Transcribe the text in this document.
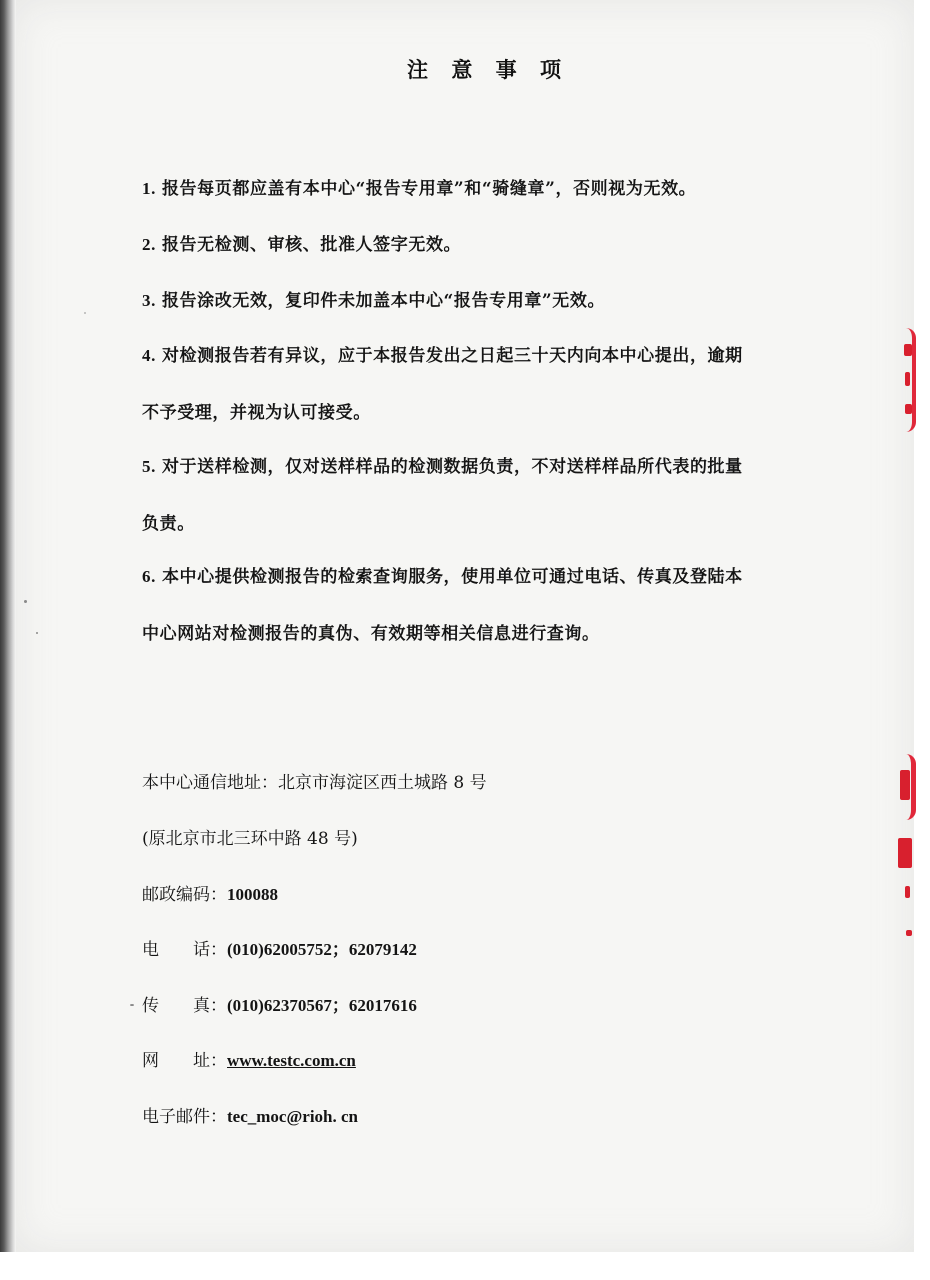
注 意 事 项
1. 报告每页都应盖有本中心“报告专用章”和“骑缝章”，否则视为无效。
2. 报告无检测、审核、批准人签字无效。
3. 报告涂改无效，复印件未加盖本中心“报告专用章”无效。
4. 对检测报告若有异议，应于本报告发出之日起三十天内向本中心提出，逾期
不予受理，并视为认可接受。
5. 对于送样检测，仅对送样样品的检测数据负责，不对送样样品所代表的批量
负责。
6. 本中心提供检测报告的检索查询服务，使用单位可通过电话、传真及登陆本
中心网站对检测报告的真伪、有效期等相关信息进行查询。
本中心通信地址：北京市海淀区西土城路 8 号
(原北京市北三环中路 48 号)
邮政编码：100088
电　　话：(010)62005752；62079142
传　　真：(010)62370567；62017616
网　　址：www.testc.com.cn
电子邮件：tec_moc@rioh. cn
